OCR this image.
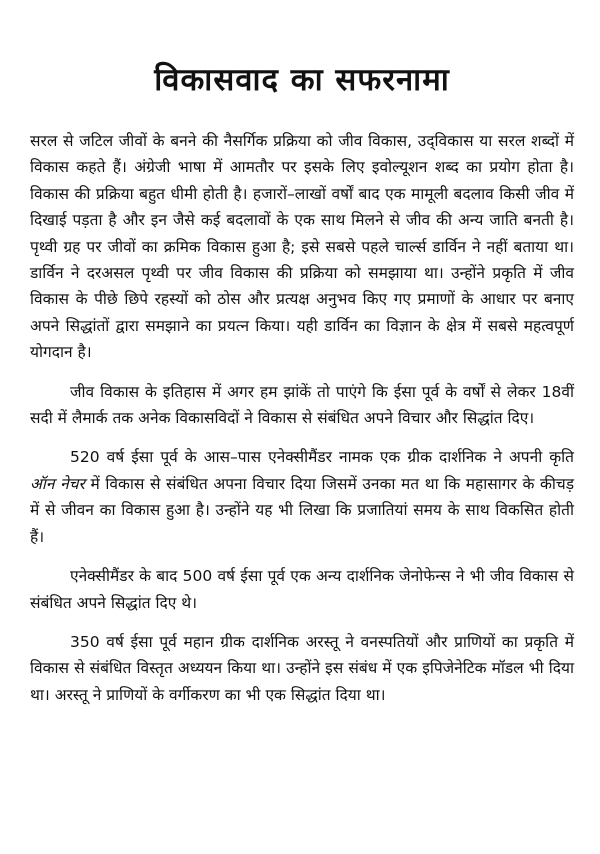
विकासवाद का सफरनामा

सरल से जटिल जीवों के बनने की नैसर्गिक प्रक्रिया को जीव विकास, उद्‌विकास या सरल शब्दों में विकास कहते हैं। अंग्रेजी भाषा में आमतौर पर इसके लिए इवोल्यूशन शब्द का प्रयोग होता है। विकास की प्रक्रिया बहुत धीमी होती है। हजारों–लाखों वर्षों बाद एक मामूली बदलाव किसी जीव में दिखाई पड़ता है और इन जैसे कई बदलावों के एक साथ मिलने से जीव की अन्य जाति बनती है। पृथ्वी ग्रह पर जीवों का क्रमिक विकास हुआ है; इसे सबसे पहले चार्ल्स डार्विन ने नहीं बताया था। डार्विन ने दरअसल पृथ्वी पर जीव विकास की प्रक्रिया को समझाया था। उन्होंने प्रकृति में जीव विकास के पीछे छिपे रहस्यों को ठोस और प्रत्यक्ष अनुभव किए गए प्रमाणों के आधार पर बनाए अपने सिद्धांतों द्वारा समझाने का प्रयत्न किया। यही डार्विन का विज्ञान के क्षेत्र में सबसे महत्वपूर्ण योगदान है।

जीव विकास के इतिहास में अगर हम झांकें तो पाएंगे कि ईसा पूर्व के वर्षों से लेकर 18वीं सदी में लैमार्क तक अनेक विकासविदों ने विकास से संबंधित अपने विचार और सिद्धांत दिए।

520 वर्ष ईसा पूर्व के आस–पास एनेक्सीमैंडर नामक एक ग्रीक दार्शनिक ने अपनी कृति ऑन नेचर में विकास से संबंधित अपना विचार दिया जिसमें उनका मत था कि महासागर के कीचड़ में से जीवन का विकास हुआ है। उन्होंने यह भी लिखा कि प्रजातियां समय के साथ विकसित होती हैं।

एनेक्सीमैंडर के बाद 500 वर्ष ईसा पूर्व एक अन्य दार्शनिक जेनोफेन्स ने भी जीव विकास से संबंधित अपने सिद्धांत दिए थे।

350 वर्ष ईसा पूर्व महान ग्रीक दार्शनिक अरस्तू ने वनस्पतियों और प्राणियों का प्रकृति में विकास से संबंधित विस्तृत अध्ययन किया था। उन्होंने इस संबंध में एक इपिजेनेटिक मॉडल भी दिया था। अरस्तू ने प्राणियों के वर्गीकरण का भी एक सिद्धांत दिया था।
